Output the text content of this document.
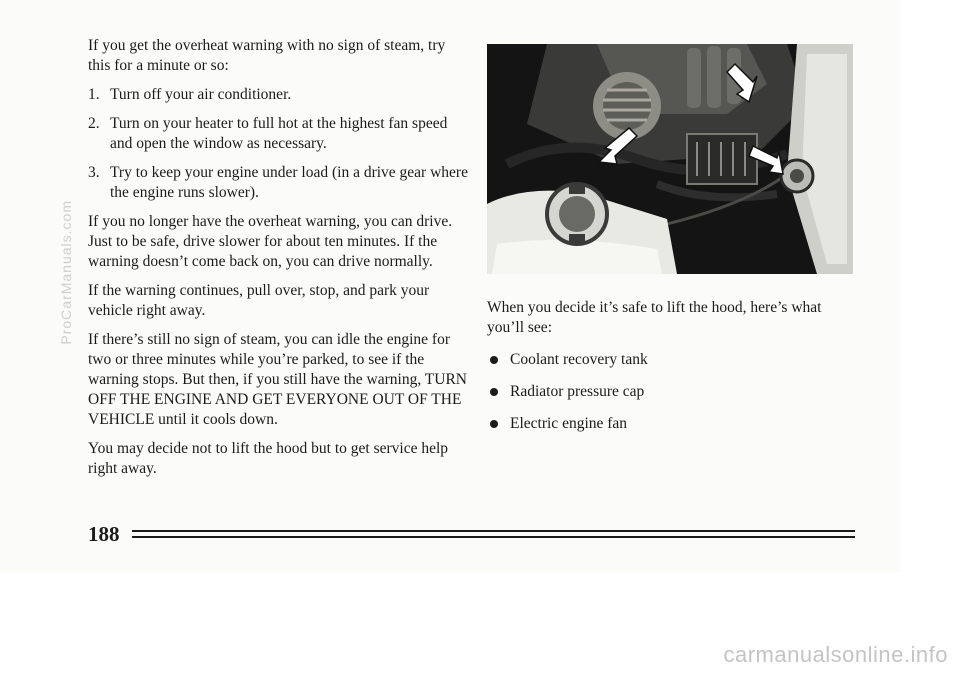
ProCarManuals.com

If you get the overheat warning with no sign of steam, try this for a minute or so:

1. Turn off your air conditioner.
2. Turn on your heater to full hot at the highest fan speed and open the window as necessary.
3. Try to keep your engine under load (in a drive gear where the engine runs slower).

If you no longer have the overheat warning, you can drive. Just to be safe, drive slower for about ten minutes. If the warning doesn’t come back on, you can drive normally.

If the warning continues, pull over, stop, and park your vehicle right away.

If there’s still no sign of steam, you can idle the engine for two or three minutes while you’re parked, to see if the warning stops. But then, if you still have the warning, TURN OFF THE ENGINE AND GET EVERYONE OUT OF THE VEHICLE until it cools down.

You may decide not to lift the hood but to get service help right away.

When you decide it’s safe to lift the hood, here’s what you’ll see:

Coolant recovery tank
Radiator pressure cap
Electric engine fan
188
carmanualsonline.info
